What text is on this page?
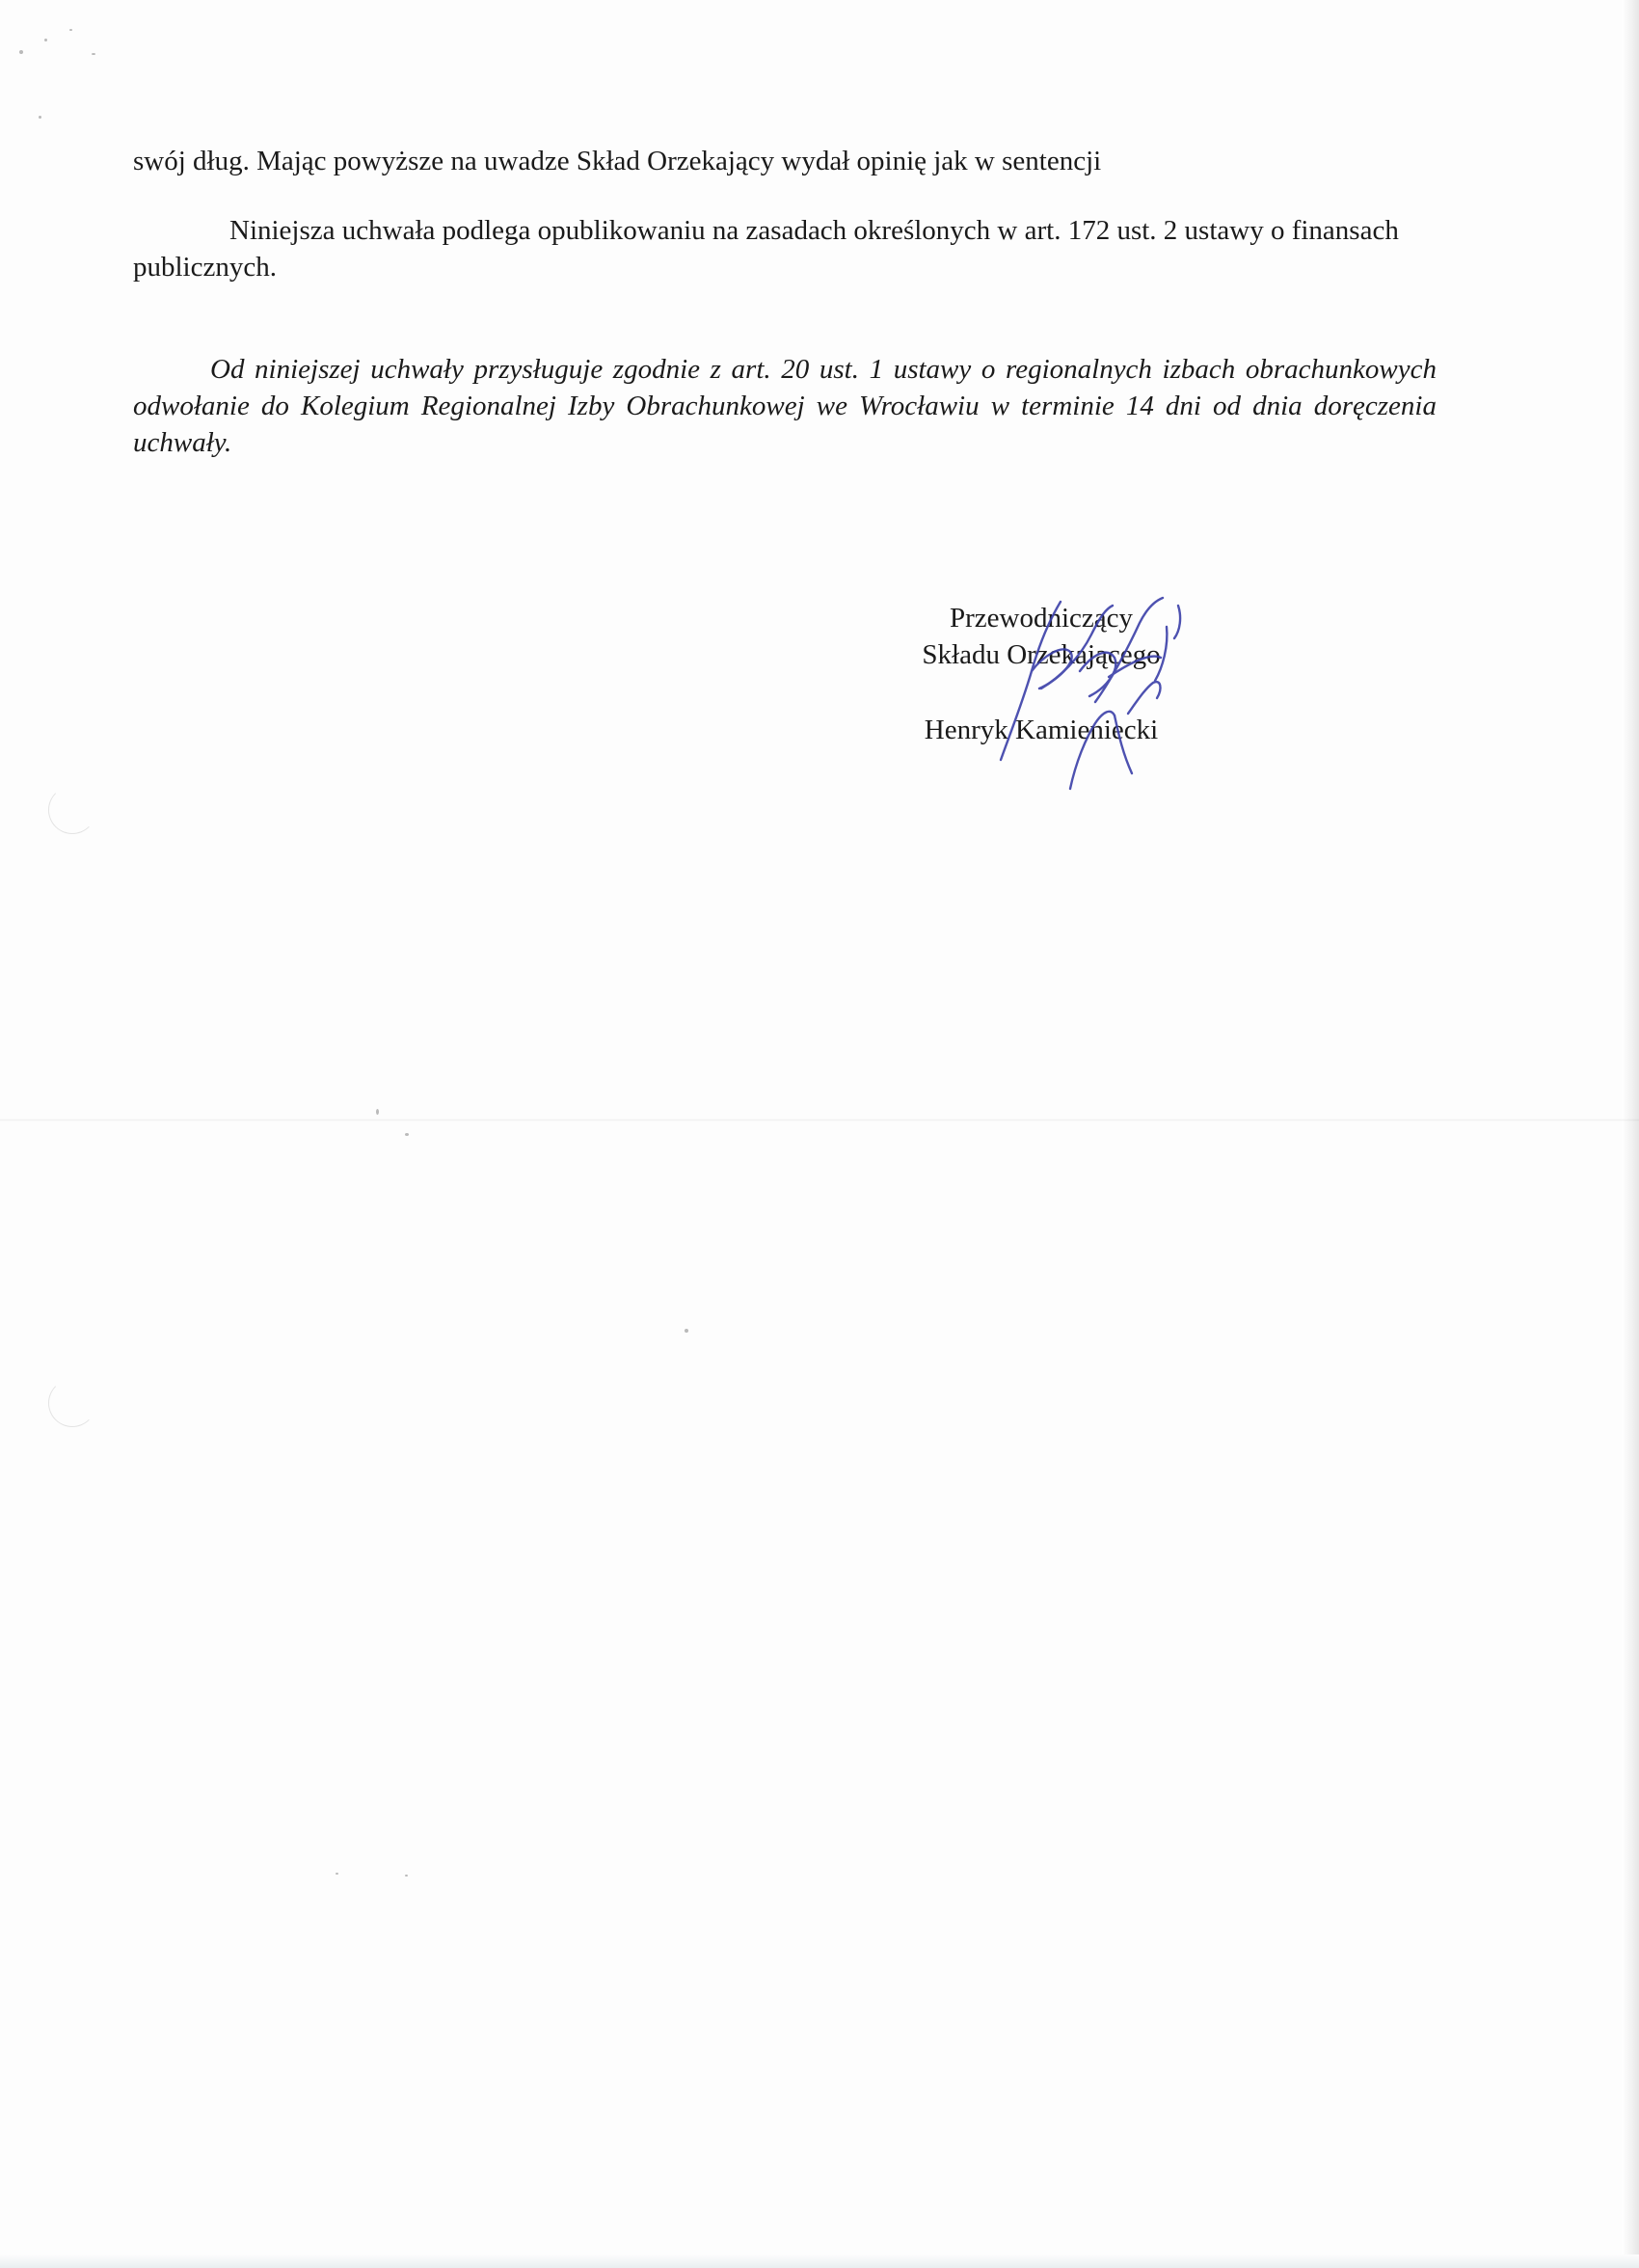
swój dług. Mając powyższe na uwadze Skład Orzekający wydał opinię jak w sentencji

Niniejsza uchwała podlega opublikowaniu na zasadach określonych w art. 172 ust. 2 ustawy o finansach publicznych.

Od niniejszej uchwały przysługuje zgodnie z art. 20 ust. 1 ustawy o regionalnych izbach obrachunkowych odwołanie do Kolegium Regionalnej Izby Obrachunkowej we Wrocławiu w terminie 14 dni od dnia doręczenia uchwały.

Przewodniczący
Składu Orzekającego
Henryk Kamieniecki
